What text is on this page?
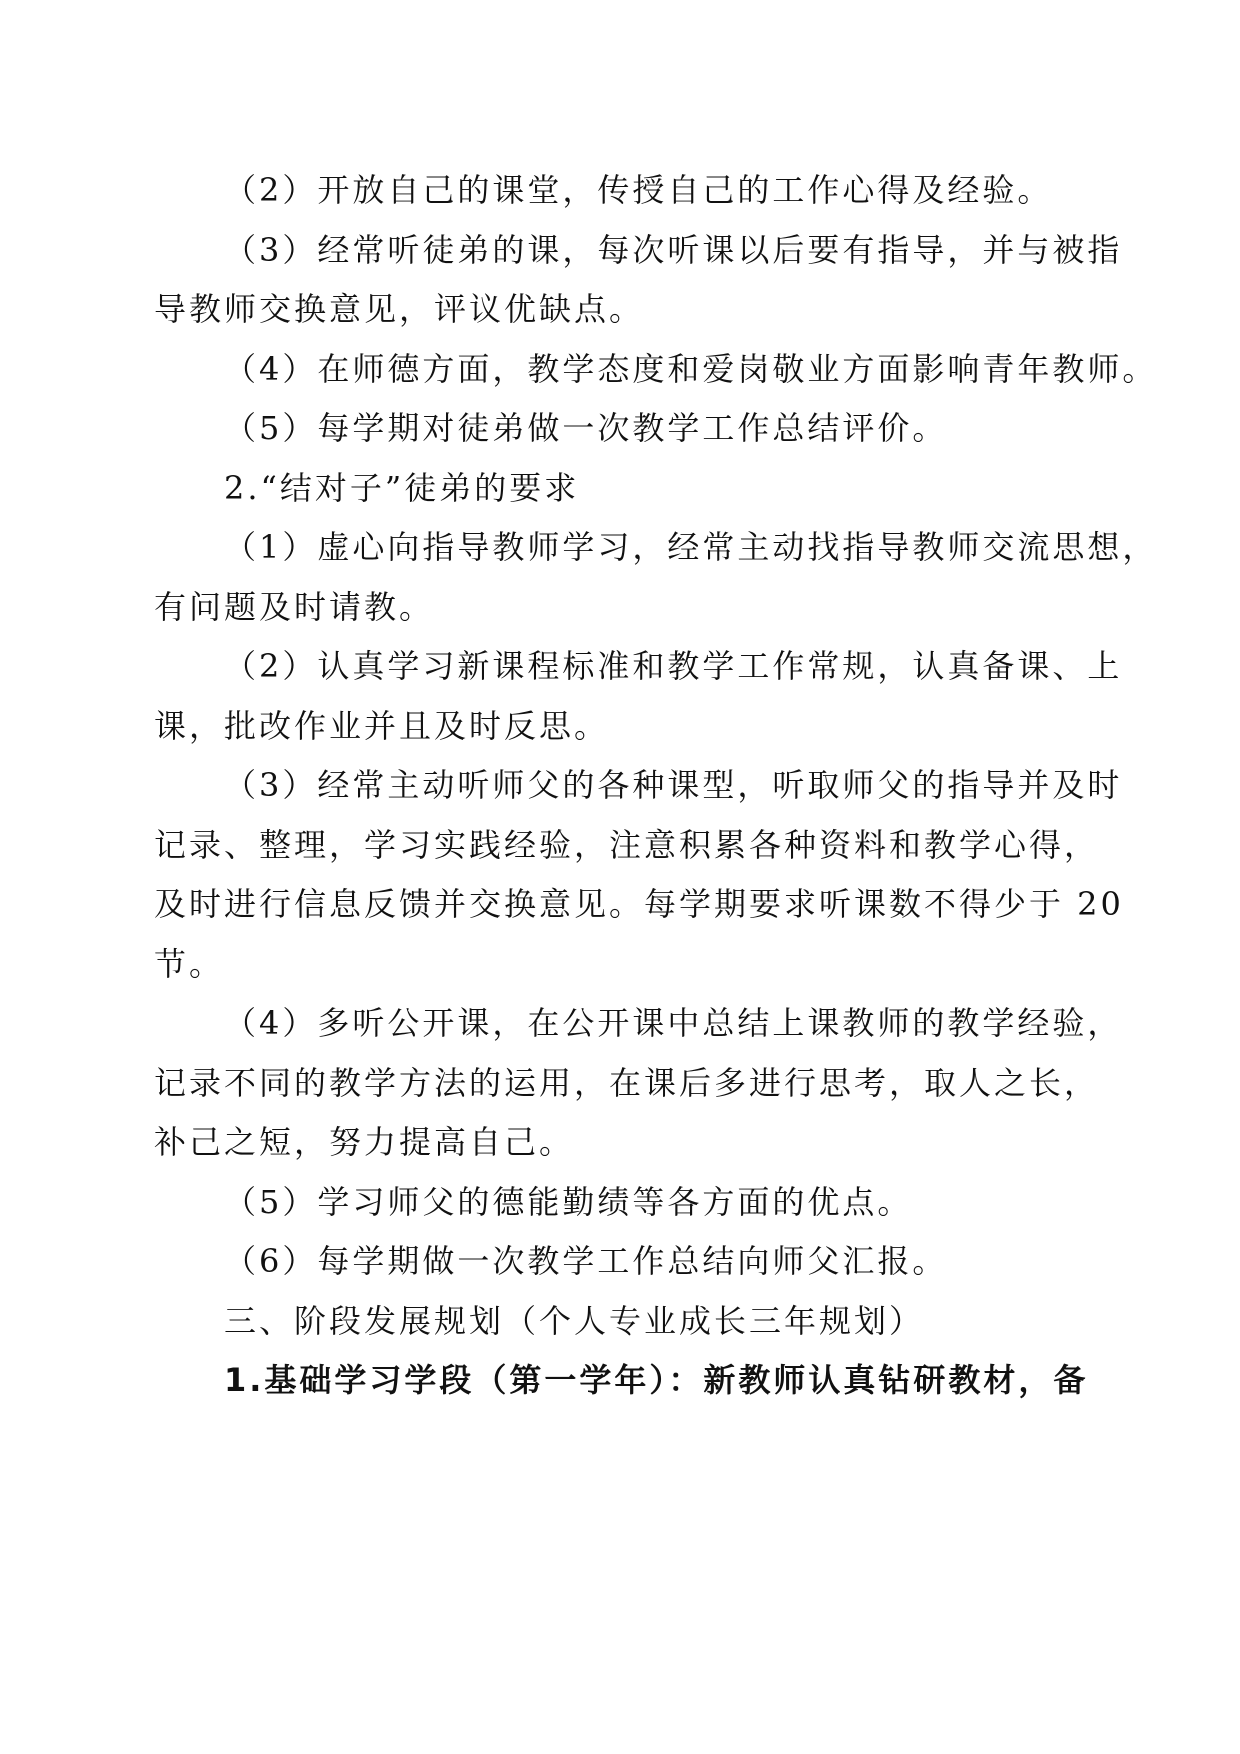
（2）开放自己的课堂，传授自己的工作心得及经验。
（3）经常听徒弟的课，每次听课以后要有指导，并与被指
导教师交换意见，评议优缺点。
（4）在师德方面，教学态度和爱岗敬业方面影响青年教师。
（5）每学期对徒弟做一次教学工作总结评价。
2.“结对子”徒弟的要求
（1）虚心向指导教师学习，经常主动找指导教师交流思想，
有问题及时请教。
（2）认真学习新课程标准和教学工作常规，认真备课、上
课，批改作业并且及时反思。
（3）经常主动听师父的各种课型，听取师父的指导并及时
记录、整理，学习实践经验，注意积累各种资料和教学心得，
及时进行信息反馈并交换意见。每学期要求听课数不得少于 20
节。
（4）多听公开课，在公开课中总结上课教师的教学经验，
记录不同的教学方法的运用，在课后多进行思考，取人之长，
补己之短，努力提高自己。
（5）学习师父的德能勤绩等各方面的优点。
（6）每学期做一次教学工作总结向师父汇报。
三、阶段发展规划（个人专业成长三年规划）
1.基础学习学段（第一学年）：新教师认真钻研教材，备
